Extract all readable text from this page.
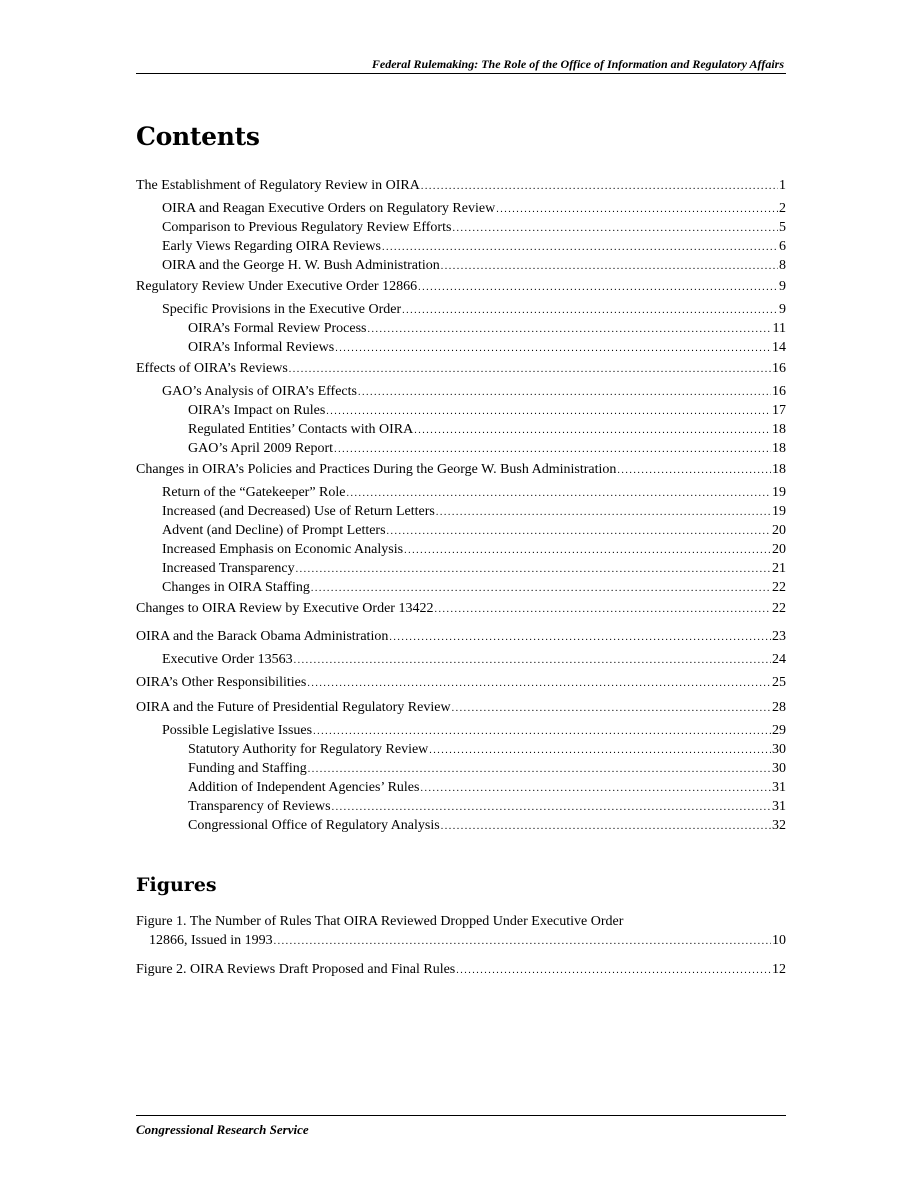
Federal Rulemaking: The Role of the Office of Information and Regulatory Affairs
Contents
The Establishment of Regulatory Review in OIRA . . .	1
OIRA and Reagan Executive Orders on Regulatory Review . . .	2
Comparison to Previous Regulatory Review Efforts . . .	5
Early Views Regarding OIRA Reviews . . .	6
OIRA and the George H. W. Bush Administration . . .	8
Regulatory Review Under Executive Order 12866 . . .	9
Specific Provisions in the Executive Order . . .	9
OIRA’s Formal Review Process . . .	11
OIRA’s Informal Reviews . . .	14
Effects of OIRA’s Reviews . . .	16
GAO’s Analysis of OIRA’s Effects . . .	16
OIRA’s Impact on Rules . . .	17
Regulated Entities’ Contacts with OIRA . . .	18
GAO’s April 2009 Report . . .	18
Changes in OIRA’s Policies and Practices During the George W. Bush Administration . . .	18
Return of the “Gatekeeper” Role . . .	19
Increased (and Decreased) Use of Return Letters . . .	19
Advent (and Decline) of Prompt Letters . . .	20
Increased Emphasis on Economic Analysis . . .	20
Increased Transparency . . .	21
Changes in OIRA Staffing . . .	22
Changes to OIRA Review by Executive Order 13422 . . .	22
OIRA and the Barack Obama Administration . . .	23
Executive Order 13563 . . .	24
OIRA’s Other Responsibilities . . .	25
OIRA and the Future of Presidential Regulatory Review . . .	28
Possible Legislative Issues . . .	29
Statutory Authority for Regulatory Review . . .	30
Funding and Staffing . . .	30
Addition of Independent Agencies’ Rules . . .	31
Transparency of Reviews . . .	31
Congressional Office of Regulatory Analysis . . .	32
Figures
Figure 1. The Number of Rules That OIRA Reviewed Dropped Under Executive Order
12866, Issued in 1993 . . .	10
Figure 2. OIRA Reviews Draft Proposed and Final Rules . . .	12
Congressional Research Service
